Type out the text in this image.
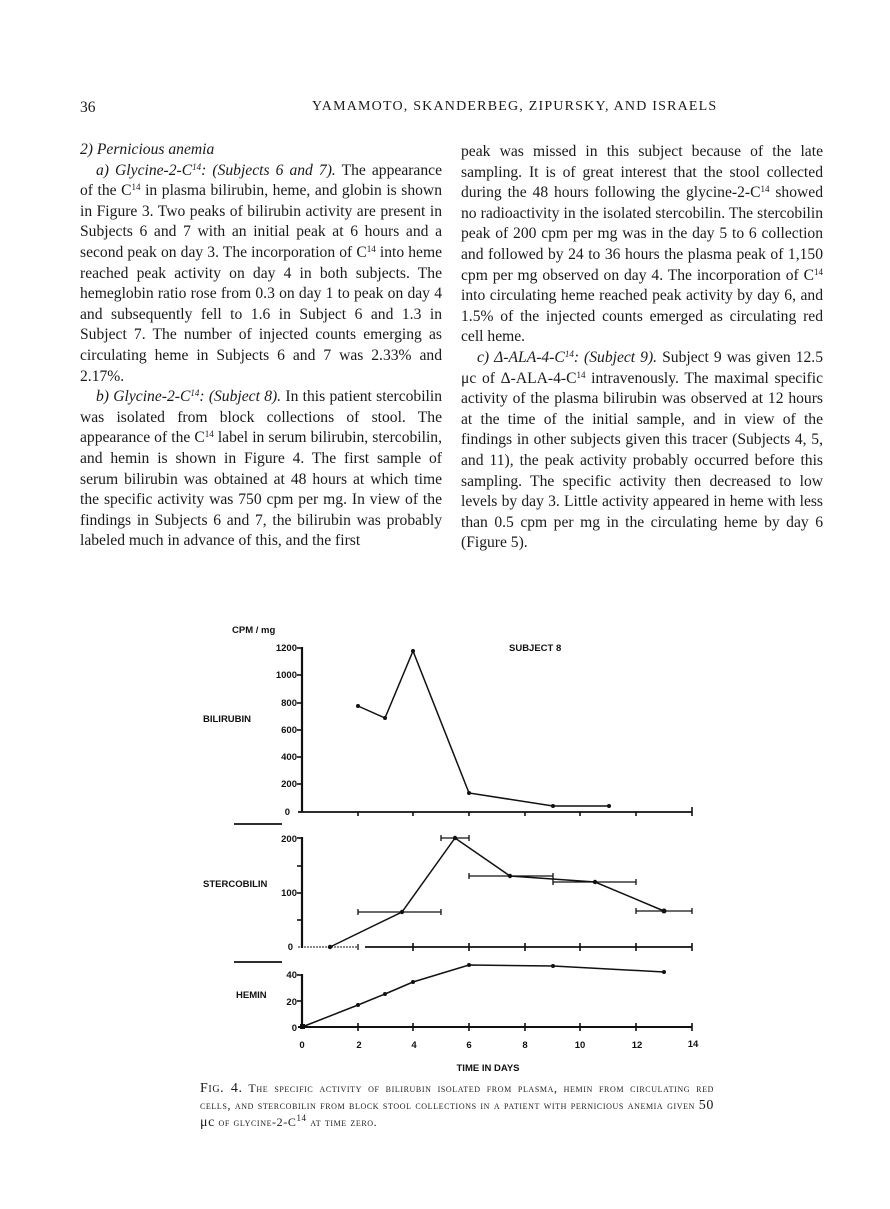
36	YAMAMOTO, SKANDERBEG, ZIPURSKY, AND ISRAELS

2) Pernicious anemia

a) Glycine-$2-C^{14}$: (Subjects 6 and 7). The appearance of the $C^{14}$ in plasma bilirubin, heme, and globin is shown in Figure 3. Two peaks of bilirubin activity are present in Subjects 6 and 7 with an initial peak at 6 hours and a second peak on day 3. The incorporation of $C^{14}$ into heme reached peak activity on day 4 in both subjects. The hemeglobin ratio rose from 0.3 on day 1 to peak on day 4 and subsequently fell to 1.6 in Subject 6 and 1.3 in Subject 7. The number of injected counts emerging as circulating heme in Subjects 6 and 7 was 2.33% and 2.17%.

b) Glycine-$2-C^{14}$: (Subject 8). In this patient stercobilin was isolated from block collections of stool. The appearance of the $C^{14}$ label in serum bilirubin, stercobilin, and hemin is shown in Figure 4. The first sample of serum bilirubin was obtained at 48 hours at which time the specific activity was 750 cpm per mg. In view of the findings in Subjects 6 and 7, the bilirubin was probably labeled much in advance of this, and the first

peak was missed in this subject because of the late sampling. It is of great interest that the stool collected during the 48 hours following the glycine-$2-C^{14}$ showed no radioactivity in the isolated stercobilin. The stercobilin peak of 200 cpm per mg was in the day 5 to 6 collection and followed by 24 to 36 hours the plasma peak of 1,150 cpm per mg observed on day 4. The incorporation of $C^{14}$ into circulating heme reached peak activity by day 6, and 1.5% of the injected counts emerged as circulating red cell heme.

c) $\Delta-ALA-4-C^{14}$: (Subject 9). Subject 9 was given 12.5 μc of $\Delta-ALA-4-C^{14}$ intravenously. The maximal specific activity of the plasma bilirubin was observed at 12 hours at the time of the initial sample, and in view of the findings in other subjects given this tracer (Subjects 4, 5, and 11), the peak activity probably occurred before this sampling. The specific activity then decreased to low levels by day 3. Little activity appeared in heme with less than 0.5 cpm per mg in the circulating heme by day 6 (Figure 5).

CPM / mg
SUBJECT 8
BILIRUBIN
1200
1000
800
600
400
200
0
STERCOBILIN
200
100
0
HEMIN
40
20
0
0	2	4	6	8	10	12	14
TIME IN DAYS
Fig. 4. The specific activity of bilirubin isolated from plasma, hemin from circulating red cells, and stercobilin from block stool collections in a patient with pernicious anemia given 50 μc of glycine-$2-C^{14}$ at time zero.
